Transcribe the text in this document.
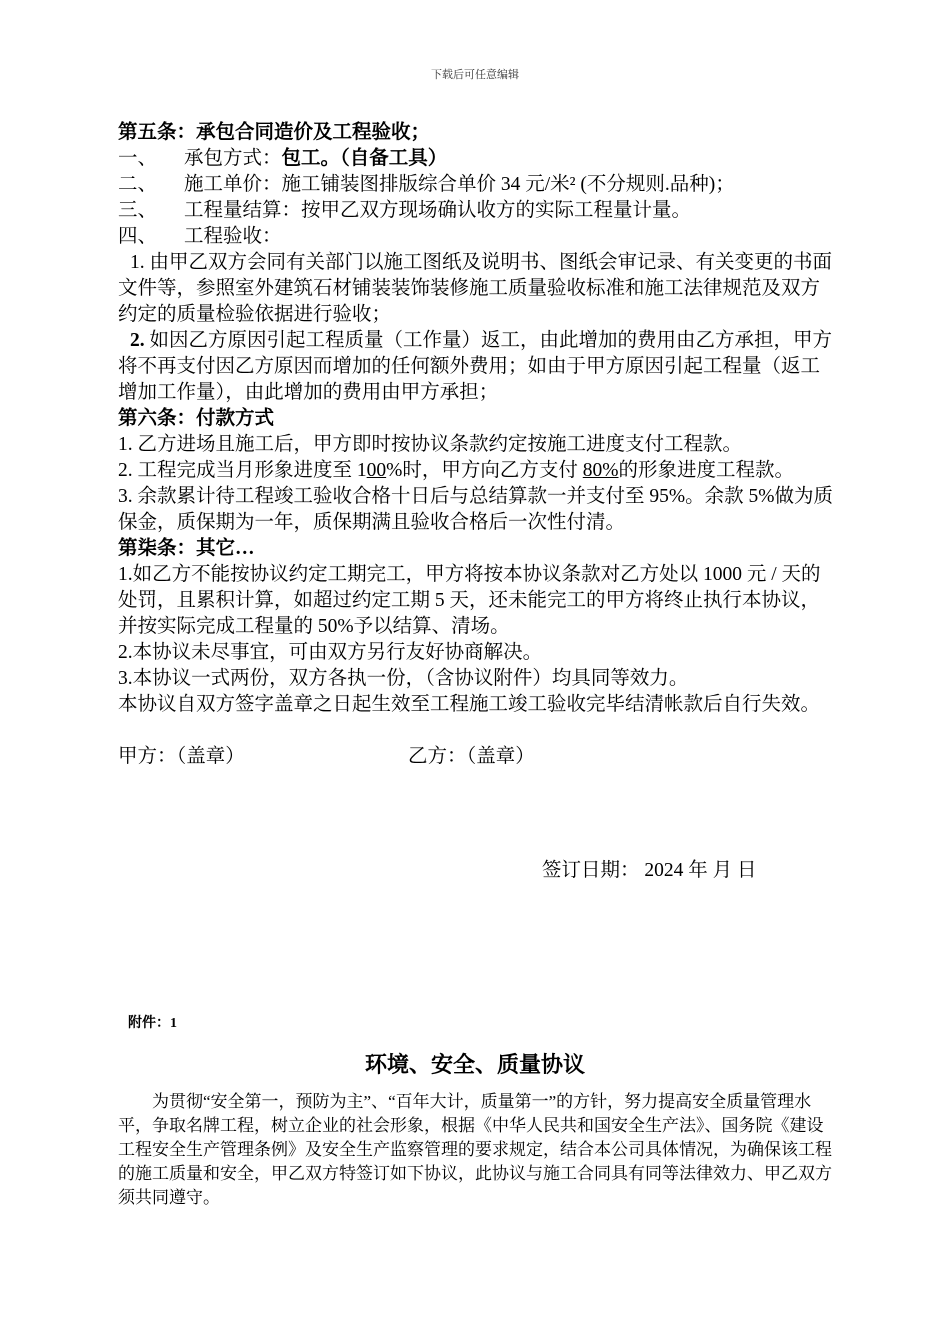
下载后可任意编辑

第五条：承包合同造价及工程验收；

一、	承包方式：包工。（自备工具）
二、	施工单价：施工铺装图排版综合单价 34 元/米² (不分规则.品种)；
三、	工程量结算：按甲乙双方现场确认收方的实际工程量计量。
四、	工程验收：

1. 由甲乙双方会同有关部门以施工图纸及说明书、图纸会审记录、有关变更的书面文件等，参照室外建筑石材铺装装饰装修施工质量验收标准和施工法律规范及双方约定的质量检验依据进行验收；

2. 如因乙方原因引起工程质量（工作量）返工，由此增加的费用由乙方承担，甲方将不再支付因乙方原因而增加的任何额外费用；如由于甲方原因引起工程量（返工增加工作量），由此增加的费用由甲方承担；

第六条：付款方式

1. 乙方进场且施工后，甲方即时按协议条款约定按施工进度支付工程款。

2. 工程完成当月形象进度至 100%时，甲方向乙方支付 80%的形象进度工程款。

3. 余款累计待工程竣工验收合格十日后与总结算款一并支付至 95%。余款 5%做为质保金，质保期为一年，质保期满且验收合格后一次性付清。

第柒条：其它…

1.如乙方不能按协议约定工期完工，甲方将按本协议条款对乙方处以 1000 元 / 天的处罚，且累积计算，如超过约定工期 5 天，还未能完工的甲方将终止执行本协议，并按实际完成工程量的 50%予以结算、清场。

2.本协议未尽事宜，可由双方另行友好协商解决。

3.本协议一式两份，双方各执一份，（含协议附件）均具同等效力。

本协议自双方签字盖章之日起生效至工程施工竣工验收完毕结清帐款后自行失效。

甲方：（盖章）	乙方：（盖章）

签订日期： 2024 年 月 日

附件：1
环境、安全、质量协议

为贯彻“安全第一，预防为主”、“百年大计，质量第一”的方针，努力提高安全质量管理水平，争取名牌工程，树立企业的社会形象，根据《中华人民共和国安全生产法》、国务院《建设工程安全生产管理条例》及安全生产监察管理的要求规定，结合本公司具体情况，为确保该工程的施工质量和安全，甲乙双方特签订如下协议，此协议与施工合同具有同等法律效力、甲乙双方须共同遵守。
